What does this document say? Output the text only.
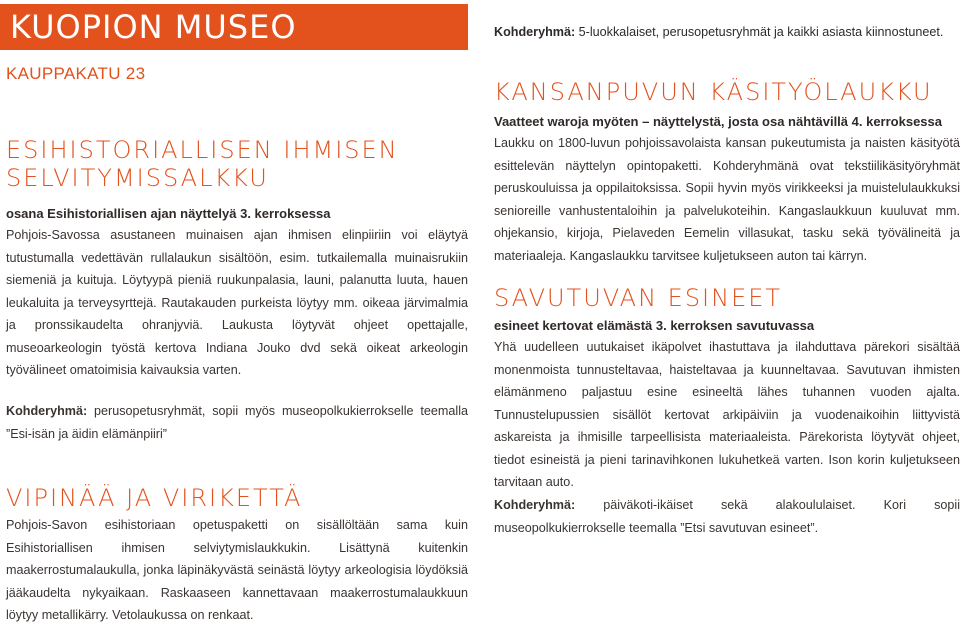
KUOPION MUSEO
KAUPPAKATU 23
ESIHISTORIALLISEN IHMISEN SELVITYMISSALKKU
osana Esihistoriallisen ajan näyttelyä 3. kerroksessa
Pohjois-Savossa asustaneen muinaisen ajan ihmisen elinpiiriin voi eläytyä tutustumalla vedettävän rullalaukun sisältöön, esim. tutkailemalla muinaisrukiin siemeniä ja kuituja. Löytyypä pieniä ruukunpalasia, launi, palanutta luuta, hauen leukaluita ja terveysyrttejä. Rautakauden purkeista löytyy mm. oikeaa järvimalmia ja pronssikaudelta ohranjyviä. Laukusta löytyvät ohjeet opettajalle, museoarkeologin työstä kertova Indiana Jouko dvd sekä oikeat arkeologin työvälineet omatoimisia kaivauksia varten.
Kohderyhmä: perusopetusryhmät, sopii myös museopolkukierrokselle teemalla ”Esi-isän ja äidin elämänpiiri”
VIPINÄÄ JA VIRIKETTÄ
Pohjois-Savon esihistoriaan opetuspaketti on sisällöltään sama kuin Esihistoriallisen ihmisen selviytymislaukkukin. Lisättynä kuitenkin maakerrostumalaukulla, jonka läpinäkyvästä seinästä löytyy arkeologisia löydöksiä jääkaudelta nykyaikaan. Raskaaseen kannettavaan maakerrostumalaukkuun löytyy metallikärry. Vetolaukussa on renkaat.
Kohderyhmä: 5-luokkalaiset, perusopetusryhmät ja kaikki asiasta kiinnostuneet.
KANSANPUVUN KÄSITYÖLAUKKU
Vaatteet waroja myöten – näyttelystä, josta osa nähtävillä 4. kerroksessa
Laukku on 1800-luvun pohjoissavolaista kansan pukeutumista ja naisten käsityötä esittelevän näyttelyn opintopaketti. Kohderyhmänä ovat tekstiilikäsityöryhmät peruskouluissa ja oppilaitoksissa. Sopii hyvin myös virikkeeksi ja muistelulaukkuksi senioreille vanhustentaloihin ja palvelukoteihin. Kangaslaukkuun kuuluvat mm. ohjekansio, kirjoja, Pielaveden Eemelin villasukat, tasku sekä työvälineitä ja materiaaleja. Kangaslaukku tarvitsee kuljetukseen auton tai kärryn.
SAVUTUVAN ESINEET
esineet kertovat elämästä 3. kerroksen savutuvassa
Yhä uudelleen uutukaiset ikäpolvet ihastuttava ja ilahduttava pärekori sisältää monenmoista tunnusteltavaa, haisteltavaa ja kuunneltavaa. Savutuvan ihmisten elämänmeno paljastuu esine esineeltä lähes tuhannen vuoden ajalta. Tunnustelupussien sisällöt kertovat arkipäiviin ja vuodenaikoihin liittyvistä askareista ja ihmisille tarpeellisista materiaaleista. Pärekorista löytyvät ohjeet, tiedot esineistä ja pieni tarinavihkonen lukuhetkeä varten. Ison korin kuljetukseen tarvitaan auto.
Kohderyhmä: päiväkoti-ikäiset sekä alakoululaiset. Kori sopii museopolkukierrokselle teemalla ”Etsi savutuvan esineet”.
